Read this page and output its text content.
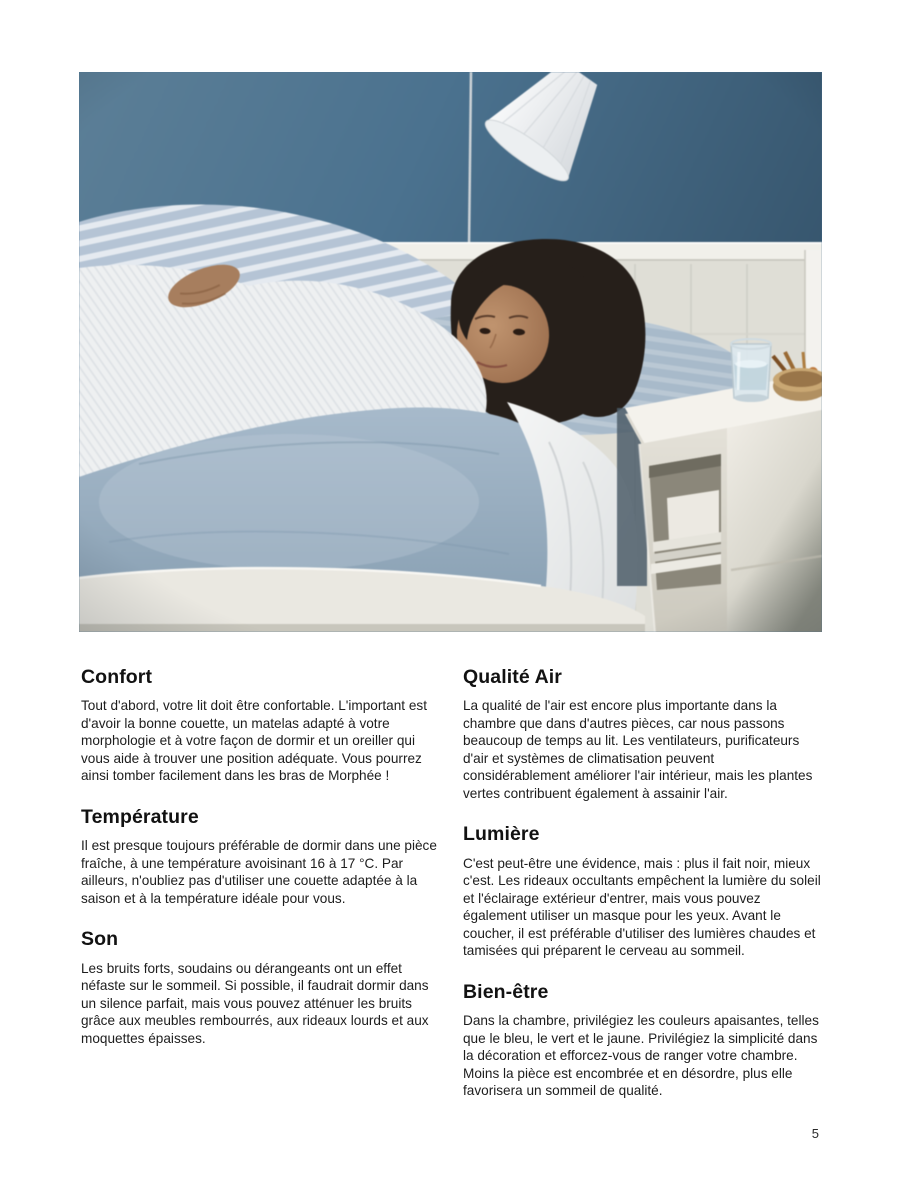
Confort

Tout d'abord, votre lit doit être confortable. L'important est d'avoir la bonne couette, un matelas adapté à votre morphologie et à votre façon de dormir et un oreiller qui vous aide à trouver une position adéquate. Vous pourrez ainsi tomber facilement dans les bras de Morphée !

Température

Il est presque toujours préférable de dormir dans une pièce fraîche, à une température avoisinant 16 à 17 °C. Par ailleurs, n'oubliez pas d'utiliser une couette adaptée à la saison et à la température idéale pour vous.

Son

Les bruits forts, soudains ou dérangeants ont un effet néfaste sur le sommeil. Si possible, il faudrait dormir dans un silence parfait, mais vous pouvez atténuer les bruits grâce aux meubles rembourrés, aux rideaux lourds et aux moquettes épaisses.

Qualité Air

La qualité de l'air est encore plus importante dans la chambre que dans d'autres pièces, car nous passons beaucoup de temps au lit. Les ventilateurs, purificateurs d'air et systèmes de climatisation peuvent considérablement améliorer l'air intérieur, mais les plantes vertes contribuent également à assainir l'air.

Lumière

C'est peut-être une évidence, mais : plus il fait noir, mieux c'est. Les rideaux occultants empêchent la lumière du soleil et l'éclairage extérieur d'entrer, mais vous pouvez également utiliser un masque pour les yeux. Avant le coucher, il est préférable d'utiliser des lumières chaudes et tamisées qui préparent le cerveau au sommeil.

Bien-être

Dans la chambre, privilégiez les couleurs apaisantes, telles que le bleu, le vert et le jaune. Privilégiez la simplicité dans la décoration et efforcez-vous de ranger votre chambre. Moins la pièce est encombrée et en désordre, plus elle favorisera un sommeil de qualité.

5
